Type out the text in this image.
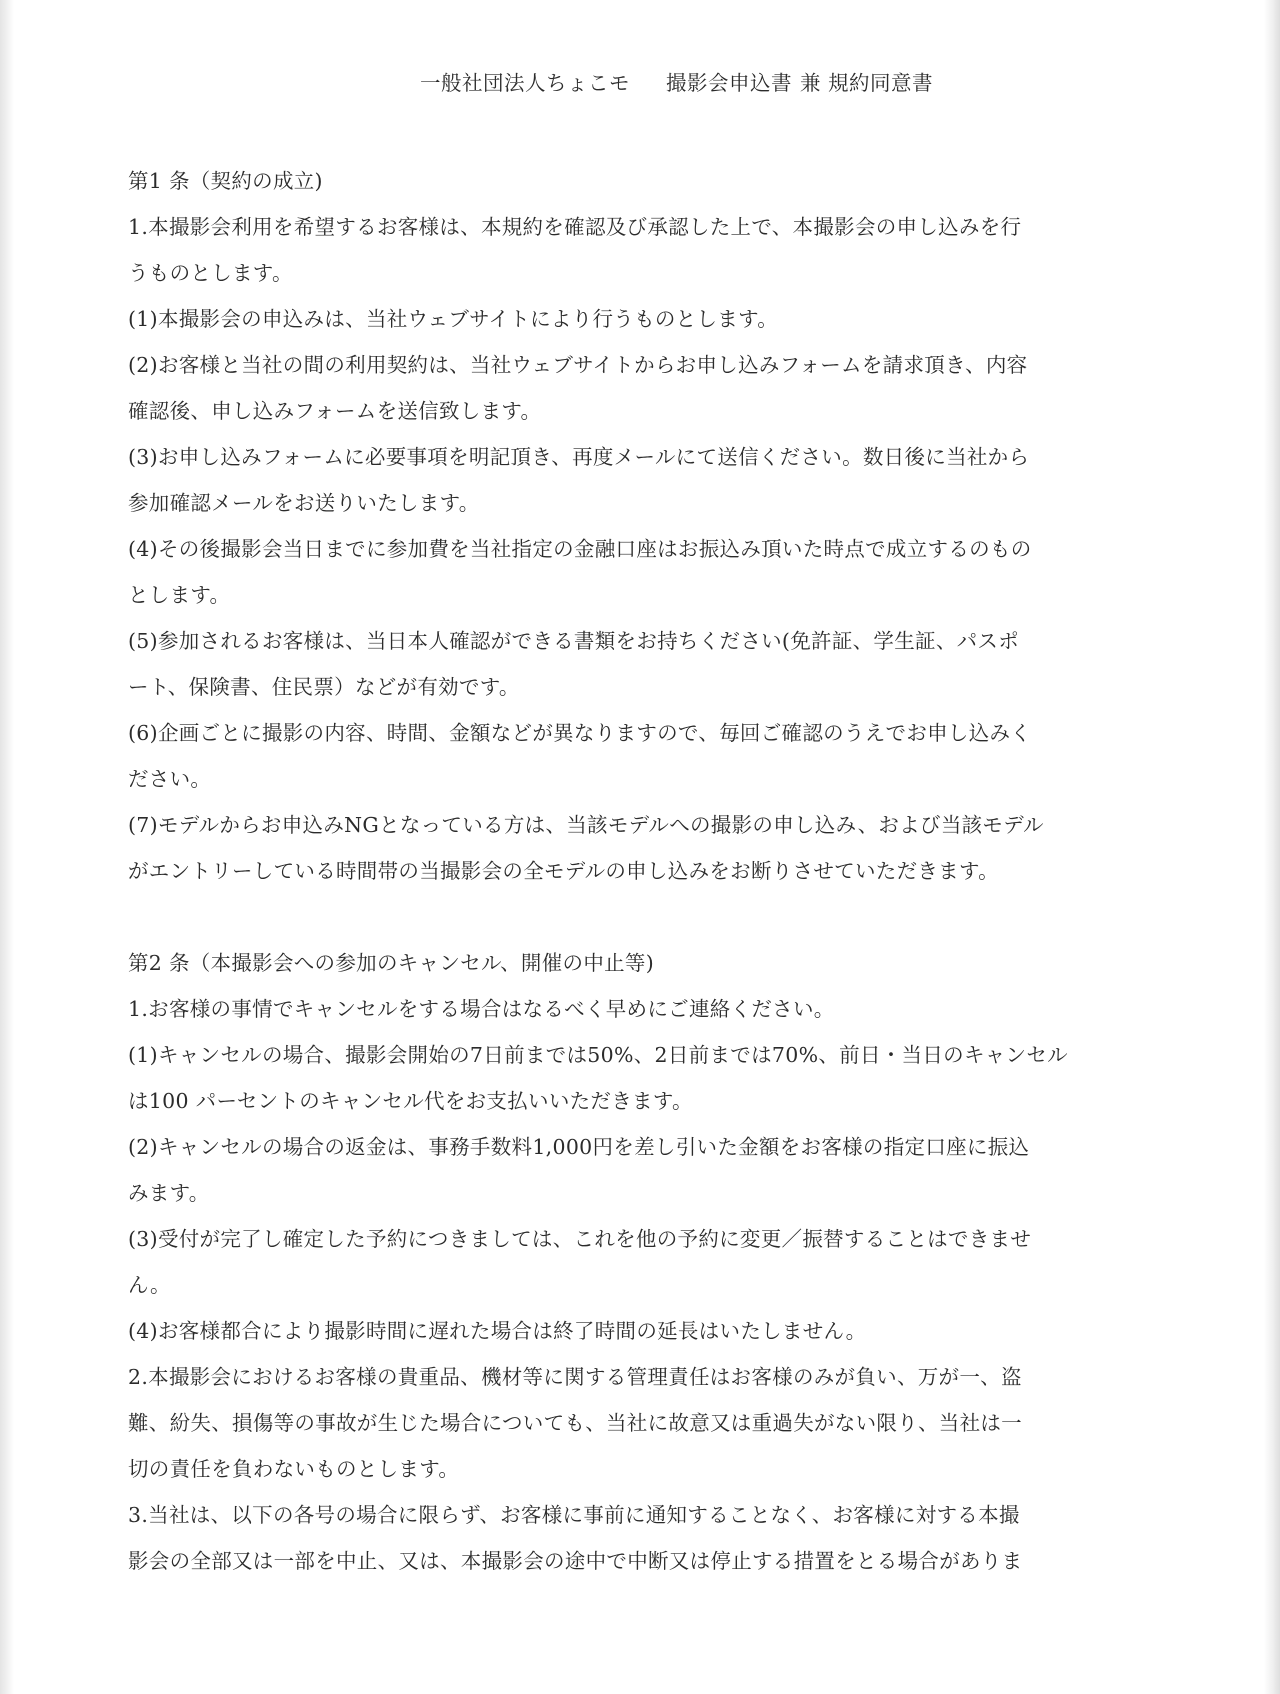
一般社団法人ちょこモ 撮影会申込書 兼 規約同意書
第1 条（契約の成立)
1.本撮影会利用を希望するお客様は、本規約を確認及び承認した上で、本撮影会の申し込みを行
うものとします。
(1)本撮影会の申込みは、当社ウェブサイトにより行うものとします。
(2)お客様と当社の間の利用契約は、当社ウェブサイトからお申し込みフォームを請求頂き、内容
確認後、申し込みフォームを送信致します。
(3)お申し込みフォームに必要事項を明記頂き、再度メールにて送信ください。数日後に当社から
参加確認メールをお送りいたします。
(4)その後撮影会当日までに参加費を当社指定の金融口座はお振込み頂いた時点で成立するのもの
とします。
(5)参加されるお客様は、当日本人確認ができる書類をお持ちください(免許証、学生証、パスポ
ート、保険書、住民票）などが有効です。
(6)企画ごとに撮影の内容、時間、金額などが異なりますので、毎回ご確認のうえでお申し込みく
ださい。
(7)モデルからお申込みNGとなっている方は、当該モデルへの撮影の申し込み、および当該モデル
がエントリーしている時間帯の当撮影会の全モデルの申し込みをお断りさせていただきます。
第2 条（本撮影会への参加のキャンセル、開催の中止等)
1.お客様の事情でキャンセルをする場合はなるべく早めにご連絡ください。
(1)キャンセルの場合、撮影会開始の7日前までは50%、2日前までは70%、前日・当日のキャンセル
は100 パーセントのキャンセル代をお支払いいただきます。
(2)キャンセルの場合の返金は、事務手数料1,000円を差し引いた金額をお客様の指定口座に振込
みます。
(3)受付が完了し確定した予約につきましては、これを他の予約に変更／振替することはできませ
ん。
(4)お客様都合により撮影時間に遅れた場合は終了時間の延長はいたしません。
2.本撮影会におけるお客様の貴重品、機材等に関する管理責任はお客様のみが負い、万が一、盗
難、紛失、損傷等の事故が生じた場合についても、当社に故意又は重過失がない限り、当社は一
切の責任を負わないものとします。
3.当社は、以下の各号の場合に限らず、お客様に事前に通知することなく、お客様に対する本撮
影会の全部又は一部を中止、又は、本撮影会の途中で中断又は停止する措置をとる場合がありま
